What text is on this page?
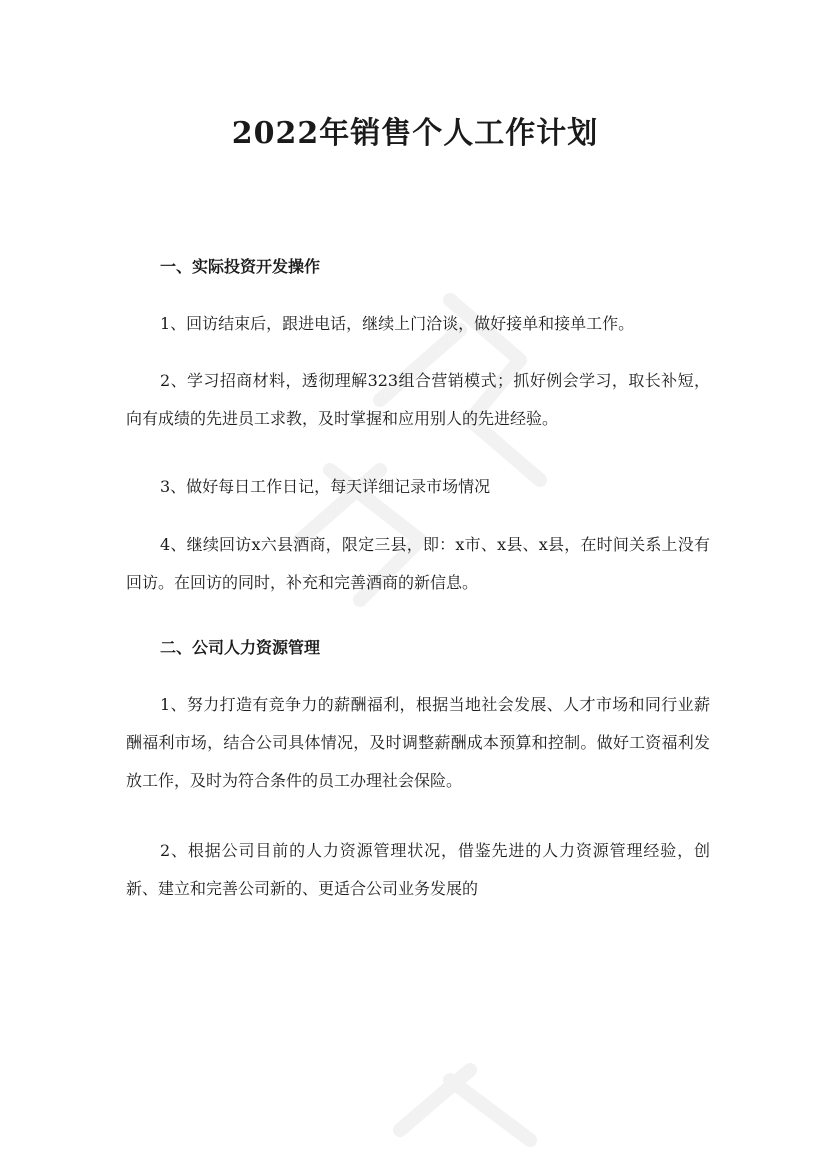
2022年销售个人工作计划
一、实际投资开发操作

1、回访结束后，跟进电话，继续上门洽谈，做好接单和接单工作。

2、学习招商材料，透彻理解323组合营销模式；抓好例会学习，取长补短，向有成绩的先进员工求教，及时掌握和应用别人的先进经验。

3、做好每日工作日记，每天详细记录市场情况

4、继续回访x六县酒商，限定三县，即：x市、x县、x县，在时间关系上没有回访。在回访的同时，补充和完善酒商的新信息。

二、公司人力资源管理

1、努力打造有竞争力的薪酬福利，根据当地社会发展、人才市场和同行业薪酬福利市场，结合公司具体情况，及时调整薪酬成本预算和控制。做好工资福利发放工作，及时为符合条件的员工办理社会保险。

2、根据公司目前的人力资源管理状况，借鉴先进的人力资源管理经验，创新、建立和完善公司新的、更适合公司业务发展的
